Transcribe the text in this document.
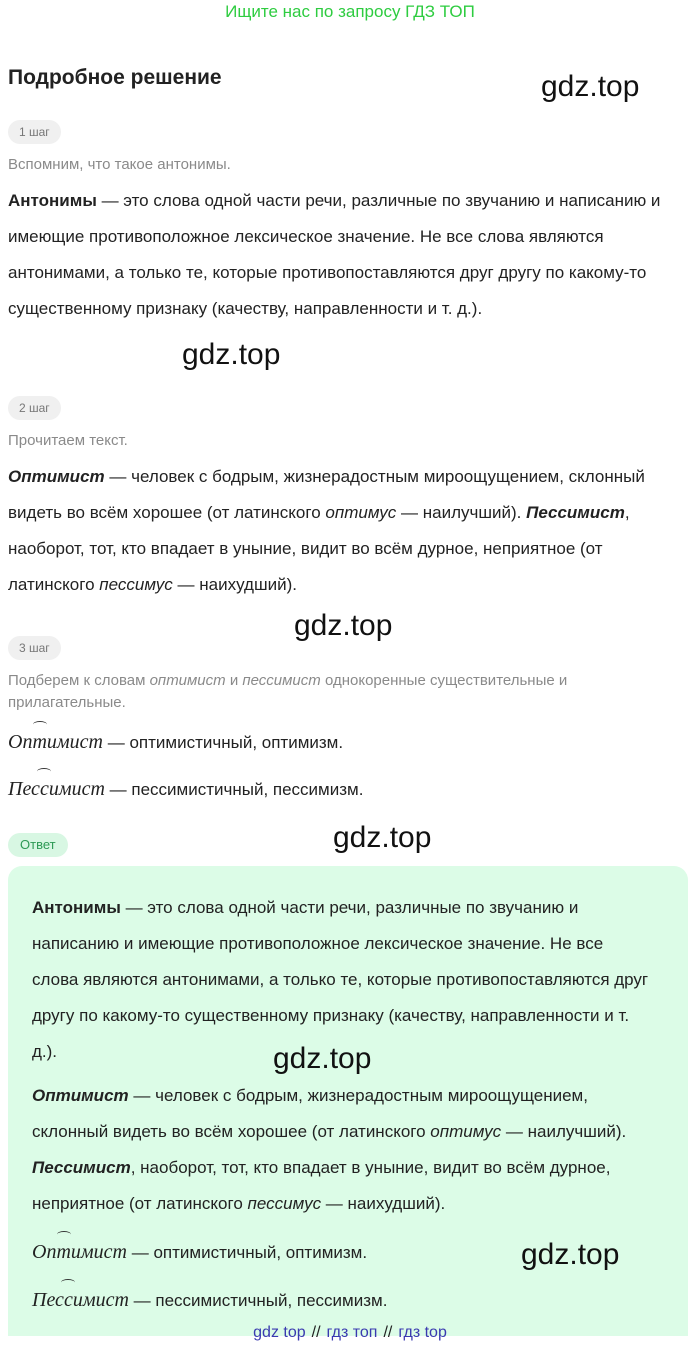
Ищите нас по запросу ГДЗ ТОП
Подробное решение	gdz.top
1 шаг
Вспомним, что такое антонимы.
Антонимы — это слова одной части речи, различные по звучанию и написанию и имеющие противоположное лексическое значение. Не все слова являются антонимами, а только те, которые противопоставляются друг другу по какому-то существенному признаку (качеству, направленности и т. д.).
gdz.top
2 шаг
Прочитаем текст.
Оптимист — человек с бодрым, жизнерадостным мироощущением, склонный видеть во всём хорошее (от латинского оптимус — наилучший). Пессимист, наоборот, тот, кто впадает в уныние, видит во всём дурное, неприятное (от латинского пессимус — наихудший).
gdz.top
3 шаг
Подберем к словам оптимист и пессимист однокоренные существительные и прилагательные.
Оп
тимист — оптимистичный, оптимизм.
Пес
симист — пессимистичный, пессимизм.
Ответ	gdz.top
Антонимы — это слова одной части речи, различные по звучанию и написанию и имеющие противоположное лексическое значение. Не все слова являются антонимами, а только те, которые противопоставляются друг другу по какому-то существенному признаку (качеству, направленности и т. д.).
Оптимист — человек с бодрым, жизнерадостным мироощущением, склонный видеть во всём хорошее (от латинского оптимус — наилучший). Пессимист, наоборот, тот, кто впадает в уныние, видит во всём дурное, неприятное (от латинского пессимус — наихудший).
Оп
тимист — оптимистичный, оптимизм.
Пес
симист — пессимистичный, пессимизм.
gdz.top
gdz.top
gdz top // гдз топ // гдз top
